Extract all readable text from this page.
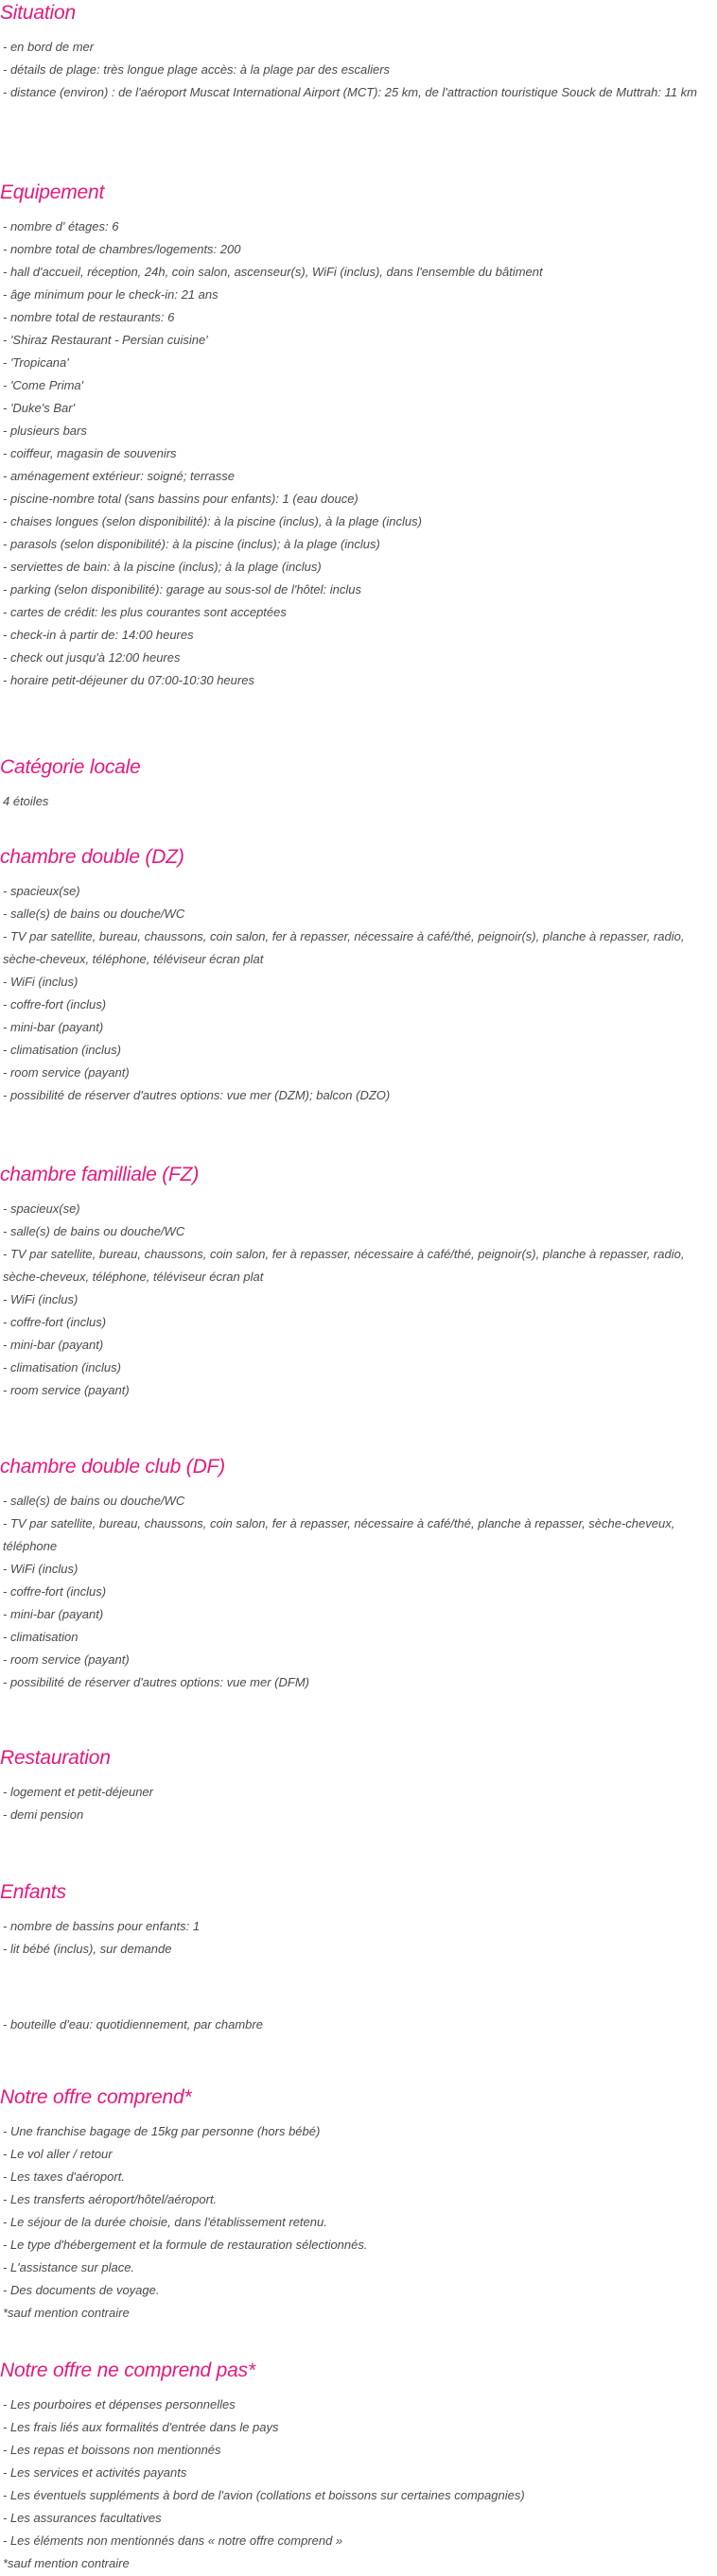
Situation
- en bord de mer
- détails de plage: très longue plage accès: à la plage par des escaliers
- distance (environ) : de l'aéroport Muscat International Airport (MCT): 25 km, de l'attraction touristique Souck de Muttrah: 11 km
Equipement
- nombre d' étages: 6
- nombre total de chambres/logements: 200
- hall d'accueil, réception, 24h, coin salon, ascenseur(s), WiFi (inclus), dans l'ensemble du bâtiment
- âge minimum pour le check-in: 21 ans
- nombre total de restaurants: 6
- 'Shiraz Restaurant - Persian cuisine'
- 'Tropicana'
- 'Come Prima'
- 'Duke's Bar'
- plusieurs bars
- coiffeur, magasin de souvenirs
- aménagement extérieur: soigné; terrasse
- piscine-nombre total (sans bassins pour enfants): 1 (eau douce)
- chaises longues (selon disponibilité): à la piscine (inclus), à la plage (inclus)
- parasols (selon disponibilité): à la piscine (inclus); à la plage (inclus)
- serviettes de bain: à la piscine (inclus); à la plage (inclus)
- parking (selon disponibilité): garage au sous-sol de l'hôtel: inclus
- cartes de crédit: les plus courantes sont acceptées
- check-in à partir de: 14:00 heures
- check out jusqu'à 12:00 heures
- horaire petit-déjeuner du 07:00-10:30 heures
Catégorie locale
4 étoiles
chambre double (DZ)
- spacieux(se)
- salle(s) de bains ou douche/WC
- TV par satellite, bureau, chaussons, coin salon, fer à repasser, nécessaire à café/thé, peignoir(s), planche à repasser, radio, sèche-cheveux, téléphone, téléviseur écran plat
- WiFi (inclus)
- coffre-fort (inclus)
- mini-bar (payant)
- climatisation (inclus)
- room service (payant)
- possibilité de réserver d'autres options: vue mer (DZM); balcon (DZO)
chambre familliale (FZ)
- spacieux(se)
- salle(s) de bains ou douche/WC
- TV par satellite, bureau, chaussons, coin salon, fer à repasser, nécessaire à café/thé, peignoir(s), planche à repasser, radio, sèche-cheveux, téléphone, téléviseur écran plat
- WiFi (inclus)
- coffre-fort (inclus)
- mini-bar (payant)
- climatisation (inclus)
- room service (payant)
chambre double club (DF)
- salle(s) de bains ou douche/WC
- TV par satellite, bureau, chaussons, coin salon, fer à repasser, nécessaire à café/thé, planche à repasser, sèche-cheveux, téléphone
- WiFi (inclus)
- coffre-fort (inclus)
- mini-bar (payant)
- climatisation
- room service (payant)
- possibilité de réserver d'autres options: vue mer (DFM)
Restauration
- logement et petit-déjeuner
- demi pension
Enfants
- nombre de bassins pour enfants: 1
- lit bébé (inclus), sur demande
- bouteille d'eau: quotidiennement, par chambre
Notre offre comprend*
- Une franchise bagage de 15kg par personne (hors bébé)
- Le vol aller / retour
- Les taxes d'aéroport.
- Les transferts aéroport/hôtel/aéroport.
- Le séjour de la durée choisie, dans l'établissement retenu.
- Le type d'hébergement et la formule de restauration sélectionnés.
- L'assistance sur place.
- Des documents de voyage.
*sauf mention contraire
Notre offre ne comprend pas*
- Les pourboires et dépenses personnelles
- Les frais liés aux formalités d'entrée dans le pays
- Les repas et boissons non mentionnés
- Les services et activités payants
- Les éventuels suppléments à bord de l'avion (collations et boissons sur certaines compagnies)
- Les assurances facultatives
- Les éléments non mentionnés dans « notre offre comprend »
*sauf mention contraire
